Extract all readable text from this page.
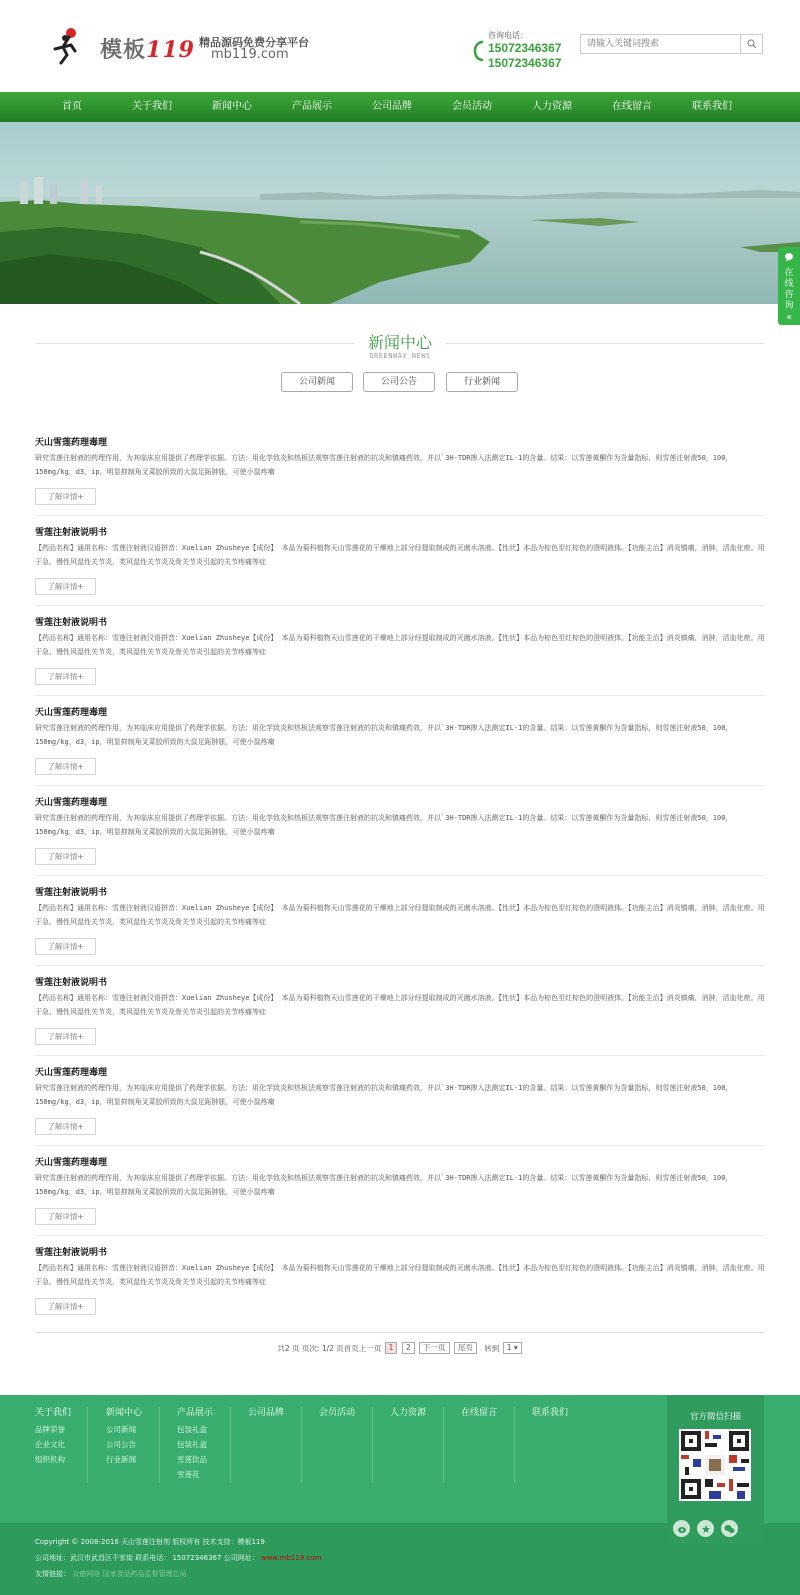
模板119 精品源码免费分享平台
mb119.com
咨询电话：
15072346367
15072346367
请输入关键词搜索
首页	关于我们	新闻中心	产品展示	公司品牌	会员活动	人力资源	在线留言	联系我们
在线咨询
«
新闻中心
GREENWAY NEWS
公司新闻	公司公告	行业新闻
天山雪莲药理毒理
研究雪莲注射液的药理作用，为其临床应用提供了药理学依据。方法：用化学致炎和热板法观察雪莲注射液的抗炎和镇痛药效，并以`3H-TDR掺入法测定IL-1的含量。结果：以雪莲黄酮作为含量指标，则雪莲注射液50，100，150mg/kg，d3，ip，明显抑制角叉菜胶所致的大鼠足跖肿胀，可使小鼠疼痛
了解详情+
雪莲注射液说明书
【药品名称】通用名称：雪莲注射液汉语拼音：Xuelian Zhusheye【成份】 本品为菊科植物天山雪莲花的干燥地上部分经提取制成的灭菌水溶液。【性状】本品为棕色至红棕色的澄明液体。【功能主治】消炎镇痛，消肿，活血化瘀。用于急、慢性风湿性关节炎，类风湿性关节炎及骨关节炎引起的关节疼痛等症
了解详情+
雪莲注射液说明书
【药品名称】通用名称：雪莲注射液汉语拼音：Xuelian Zhusheye【成份】 本品为菊科植物天山雪莲花的干燥地上部分经提取制成的灭菌水溶液。【性状】本品为棕色至红棕色的澄明液体。【功能主治】消炎镇痛，消肿，活血化瘀。用于急、慢性风湿性关节炎，类风湿性关节炎及骨关节炎引起的关节疼痛等症
了解详情+
天山雪莲药理毒理
研究雪莲注射液的药理作用，为其临床应用提供了药理学依据。方法：用化学致炎和热板法观察雪莲注射液的抗炎和镇痛药效，并以`3H-TDR掺入法测定IL-1的含量。结果：以雪莲黄酮作为含量指标，则雪莲注射液50，100，150mg/kg，d3，ip，明显抑制角叉菜胶所致的大鼠足跖肿胀，可使小鼠疼痛
了解详情+
天山雪莲药理毒理
研究雪莲注射液的药理作用，为其临床应用提供了药理学依据。方法：用化学致炎和热板法观察雪莲注射液的抗炎和镇痛药效，并以`3H-TDR掺入法测定IL-1的含量。结果：以雪莲黄酮作为含量指标，则雪莲注射液50，100，150mg/kg，d3，ip，明显抑制角叉菜胶所致的大鼠足跖肿胀，可使小鼠疼痛
了解详情+
雪莲注射液说明书
【药品名称】通用名称：雪莲注射液汉语拼音：Xuelian Zhusheye【成份】 本品为菊科植物天山雪莲花的干燥地上部分经提取制成的灭菌水溶液。【性状】本品为棕色至红棕色的澄明液体。【功能主治】消炎镇痛，消肿，活血化瘀。用于急、慢性风湿性关节炎，类风湿性关节炎及骨关节炎引起的关节疼痛等症
了解详情+
雪莲注射液说明书
【药品名称】通用名称：雪莲注射液汉语拼音：Xuelian Zhusheye【成份】 本品为菊科植物天山雪莲花的干燥地上部分经提取制成的灭菌水溶液。【性状】本品为棕色至红棕色的澄明液体。【功能主治】消炎镇痛，消肿，活血化瘀。用于急、慢性风湿性关节炎，类风湿性关节炎及骨关节炎引起的关节疼痛等症
了解详情+
天山雪莲药理毒理
研究雪莲注射液的药理作用，为其临床应用提供了药理学依据。方法：用化学致炎和热板法观察雪莲注射液的抗炎和镇痛药效，并以`3H-TDR掺入法测定IL-1的含量。结果：以雪莲黄酮作为含量指标，则雪莲注射液50，100，150mg/kg，d3，ip，明显抑制角叉菜胶所致的大鼠足跖肿胀，可使小鼠疼痛
了解详情+
天山雪莲药理毒理
研究雪莲注射液的药理作用，为其临床应用提供了药理学依据。方法：用化学致炎和热板法观察雪莲注射液的抗炎和镇痛药效，并以`3H-TDR掺入法测定IL-1的含量。结果：以雪莲黄酮作为含量指标，则雪莲注射液50，100，150mg/kg，d3，ip，明显抑制角叉菜胶所致的大鼠足跖肿胀，可使小鼠疼痛
了解详情+
雪莲注射液说明书
【药品名称】通用名称：雪莲注射液汉语拼音：Xuelian Zhusheye【成份】 本品为菊科植物天山雪莲花的干燥地上部分经提取制成的灭菌水溶液。【性状】本品为棕色至红棕色的澄明液体。【功能主治】消炎镇痛，消肿，活血化瘀。用于急、慢性风湿性关节炎，类风湿性关节炎及骨关节炎引起的关节疼痛等症
了解详情+
共2 页 页次: 1/2 页首页上一页 1 2 下一页 尾页 转到 1 ▾
关于我们
品牌荣誉
企业文化
组织机构
新闻中心
公司新闻
公司公告
行业新闻
产品展示
包装礼盒
包装礼盒
雪莲饮品
雪莲花
公司品牌	会员活动	人力资源	在线留言	联系我们
Copyright © 2008-2016 天山雪莲注射剂 版权所有 技术支持：模板119
公司地址：武汉市武昌区千家街 联系电话： 15072346367 公司网址： www.mb119.com
友情链接： 众德网络 国家食品药品监督管理总局
官方微信扫描
